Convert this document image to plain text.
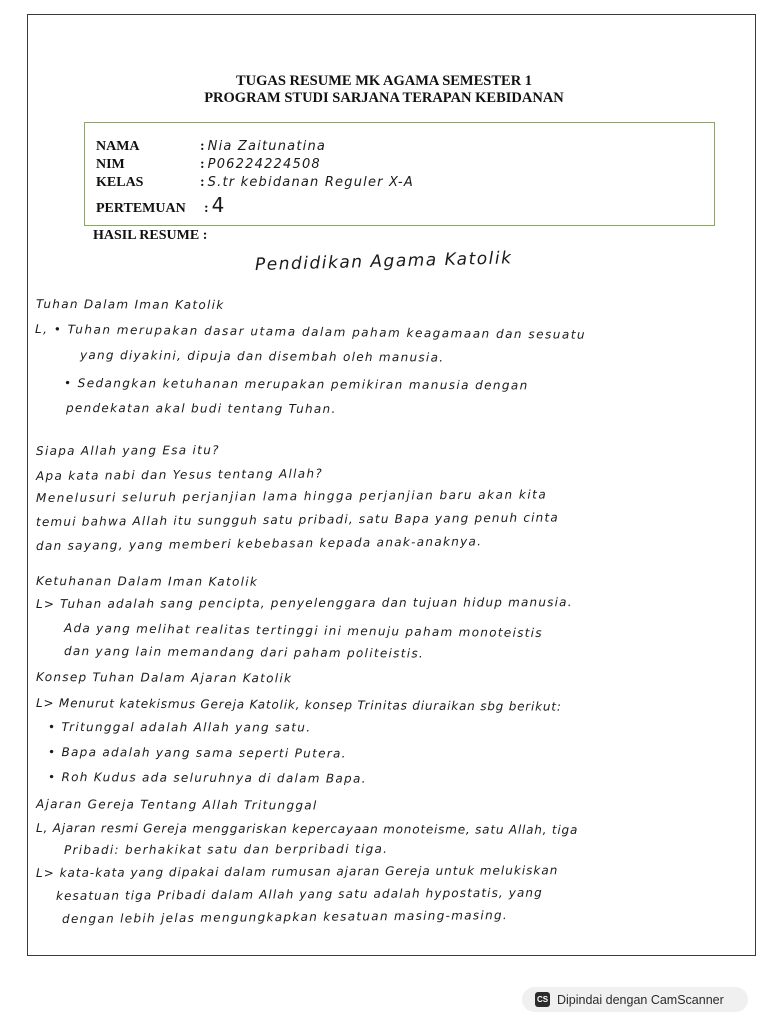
TUGAS RESUME MK AGAMA SEMESTER 1
PROGRAM STUDI SARJANA TERAPAN KEBIDANAN
NAMA	: Nia Zaitunatina
NIM	: P06224224508
KELAS	: S.tr kebidanan Reguler X-A
PERTEMUAN	: 4
HASIL RESUME :
Pendidikan Agama Katolik
Tuhan Dalam Iman Katolik
L, • Tuhan merupakan dasar utama dalam paham keagamaan dan sesuatu
yang diyakini, dipuja dan disembah oleh manusia.
• Sedangkan ketuhanan merupakan pemikiran manusia dengan
pendekatan akal budi tentang Tuhan.
Siapa Allah yang Esa itu?
Apa kata nabi dan Yesus tentang Allah?
Menelusuri seluruh perjanjian lama hingga perjanjian baru akan kita
temui bahwa Allah itu sungguh satu pribadi, satu Bapa yang penuh cinta
dan sayang, yang memberi kebebasan kepada anak-anaknya.
Ketuhanan Dalam Iman Katolik
L> Tuhan adalah sang pencipta, penyelenggara dan tujuan hidup manusia.
Ada yang melihat realitas tertinggi ini menuju paham monoteistis
dan yang lain memandang dari paham politeistis.
Konsep Tuhan Dalam Ajaran Katolik
L> Menurut katekismus Gereja Katolik, konsep Trinitas diuraikan sbg berikut:
• Tritunggal adalah Allah yang satu.
• Bapa adalah yang sama seperti Putera.
• Roh Kudus ada seluruhnya di dalam Bapa.
Ajaran Gereja Tentang Allah Tritunggal
L, Ajaran resmi Gereja menggariskan kepercayaan monoteisme, satu Allah, tiga
Pribadi: berhakikat satu dan berpribadi tiga.
L> kata-kata yang dipakai dalam rumusan ajaran Gereja untuk melukiskan
kesatuan tiga Pribadi dalam Allah yang satu adalah hypostatis, yang
dengan lebih jelas mengungkapkan kesatuan masing-masing.
CS Dipindai dengan CamScanner
